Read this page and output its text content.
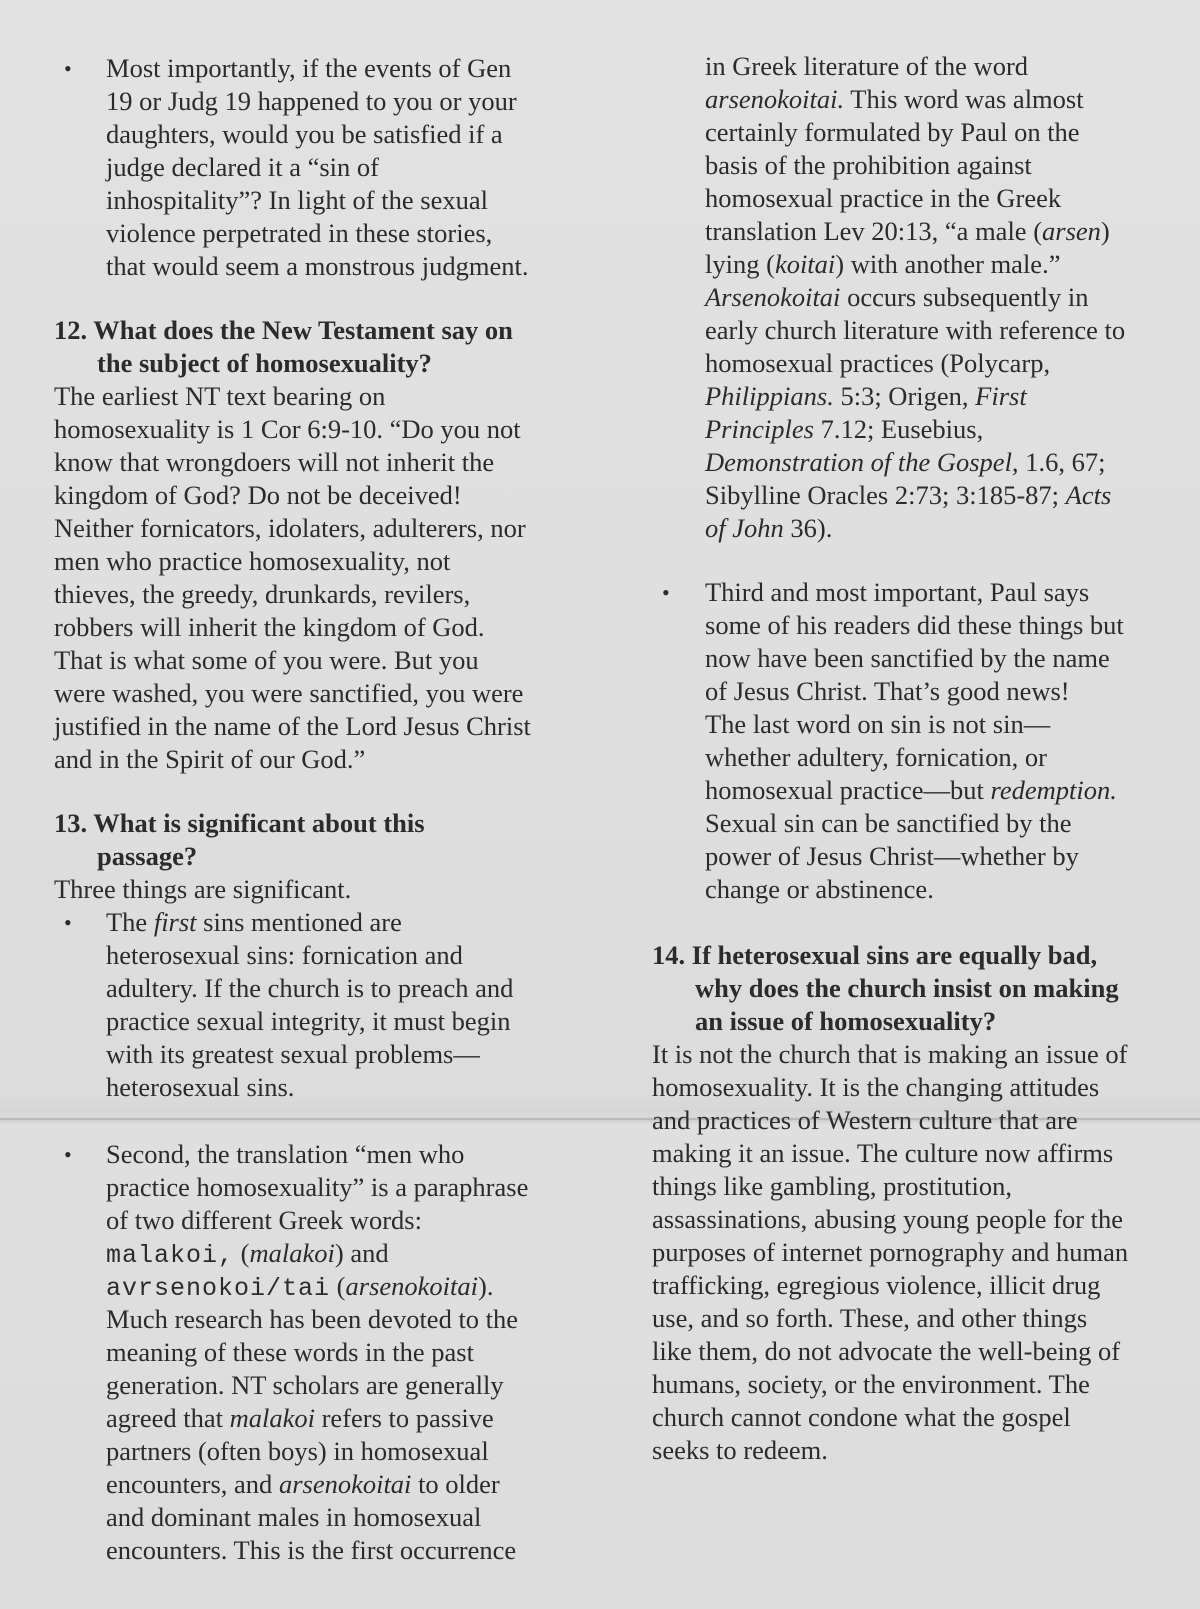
• Most importantly, if the events of Gen
19 or Judg 19 happened to you or your
daughters, would you be satisfied if a
judge declared it a “sin of
inhospitality”? In light of the sexual
violence perpetrated in these stories,
that would seem a monstrous judgment.
12. What does the New Testament say on
the subject of homosexuality?
The earliest NT text bearing on
homosexuality is 1 Cor 6:9-10. “Do you not
know that wrongdoers will not inherit the
kingdom of God? Do not be deceived!
Neither fornicators, idolaters, adulterers, nor
men who practice homosexuality, not
thieves, the greedy, drunkards, revilers,
robbers will inherit the kingdom of God.
That is what some of you were. But you
were washed, you were sanctified, you were
justified in the name of the Lord Jesus Christ
and in the Spirit of our God.”
13. What is significant about this
passage?
Three things are significant.
• The first sins mentioned are
heterosexual sins: fornication and
adultery. If the church is to preach and
practice sexual integrity, it must begin
with its greatest sexual problems—
heterosexual sins.
• Second, the translation “men who
practice homosexuality” is a paraphrase
of two different Greek words:
malakoi, (malakoi) and
avrsenokoi/tai (arsenokoitai).
Much research has been devoted to the
meaning of these words in the past
generation. NT scholars are generally
agreed that malakoi refers to passive
partners (often boys) in homosexual
encounters, and arsenokoitai to older
and dominant males in homosexual
encounters. This is the first occurrence
in Greek literature of the word
arsenokoitai. This word was almost
certainly formulated by Paul on the
basis of the prohibition against
homosexual practice in the Greek
translation Lev 20:13, “a male (arsen)
lying (koitai) with another male.”
Arsenokoitai occurs subsequently in
early church literature with reference to
homosexual practices (Polycarp,
Philippians. 5:3; Origen, First
Principles 7.12; Eusebius,
Demonstration of the Gospel, 1.6, 67;
Sibylline Oracles 2:73; 3:185-87; Acts
of John 36).
• Third and most important, Paul says
some of his readers did these things but
now have been sanctified by the name
of Jesus Christ. That’s good news!
The last word on sin is not sin—
whether adultery, fornication, or
homosexual practice—but redemption.
Sexual sin can be sanctified by the
power of Jesus Christ—whether by
change or abstinence.
14. If heterosexual sins are equally bad,
why does the church insist on making
an issue of homosexuality?
It is not the church that is making an issue of
homosexuality. It is the changing attitudes
and practices of Western culture that are
making it an issue. The culture now affirms
things like gambling, prostitution,
assassinations, abusing young people for the
purposes of internet pornography and human
trafficking, egregious violence, illicit drug
use, and so forth. These, and other things
like them, do not advocate the well-being of
humans, society, or the environment. The
church cannot condone what the gospel
seeks to redeem.
